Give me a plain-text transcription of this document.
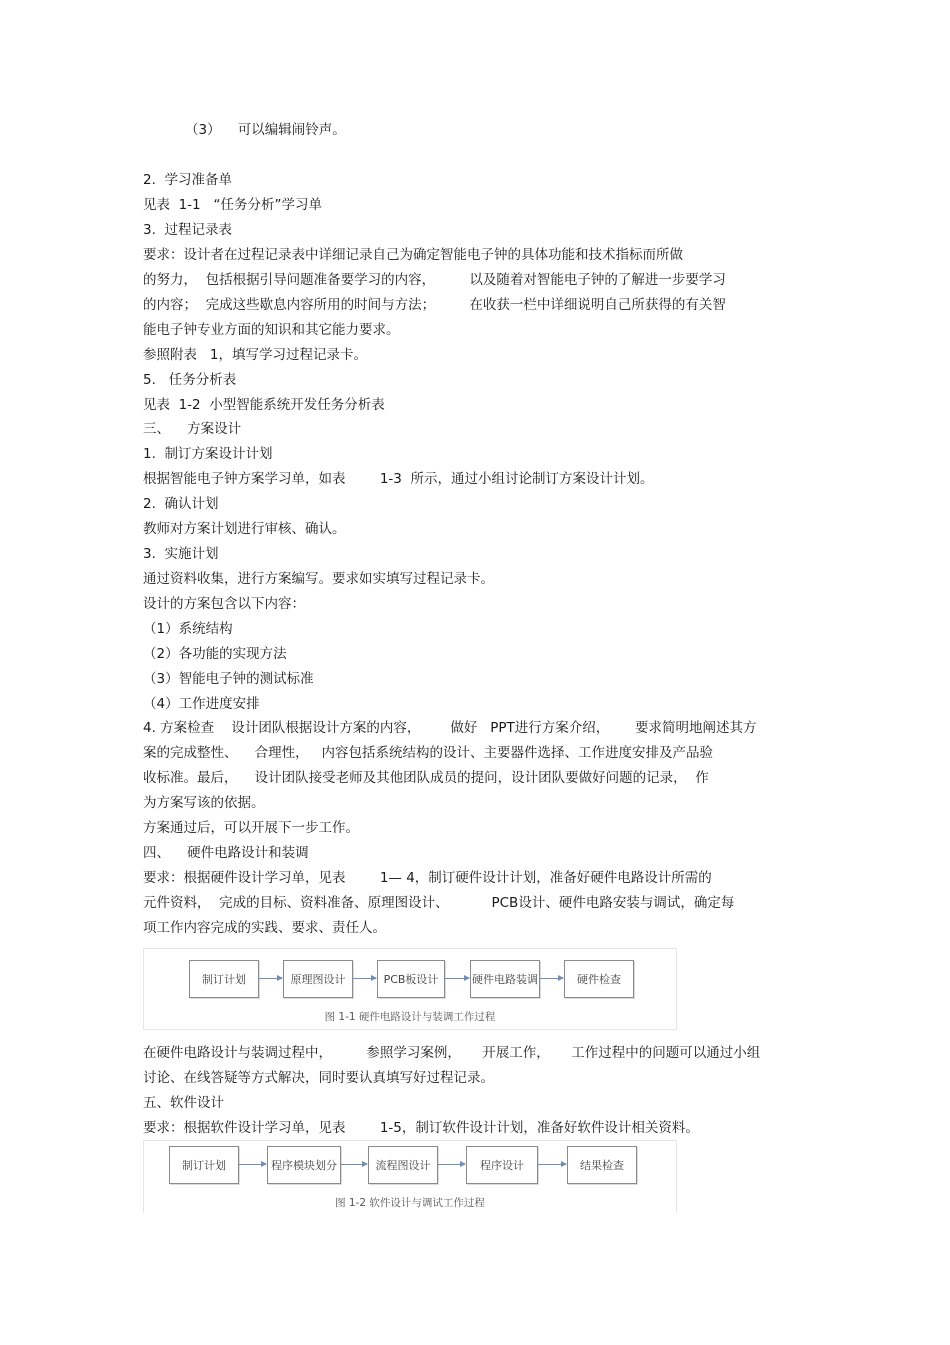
（3）    可以编辑闹铃声。
2.  学习准备单
见表  1-1   “任务分析”学习单
3.  过程记录表
要求：设计者在过程记录表中详细记录自己为确定智能电子钟的具体功能和技术指标而所做
的努力，  包括根据引导问题准备要学习的内容，        以及随着对智能电子钟的了解进一步要学习
的内容；  完成这些歇息内容所用的时间与方法；        在收获一栏中详细说明自己所获得的有关智
能电子钟专业方面的知识和其它能力要求。
参照附表   1，填写学习过程记录卡。
5.   任务分析表
见表  1-2  小型智能系统开发任务分析表
三、    方案设计
1.  制订方案设计计划
根据智能电子钟方案学习单，如表        1-3  所示，通过小组讨论制订方案设计计划。
2.  确认计划
教师对方案计划进行审核、确认。
3.  实施计划
通过资料收集，进行方案编写。要求如实填写过程记录卡。
设计的方案包含以下内容：
（1）系统结构
（2）各功能的实现方法
（3）智能电子钟的测试标准
（4）工作进度安排
4. 方案检查    设计团队根据设计方案的内容，       做好   PPT进行方案介绍，      要求简明地阐述其方
案的完成整性、    合理性，   内容包括系统结构的设计、主要器件选择、工作进度安排及产品验
收标准。最后，    设计团队接受老师及其他团队成员的提问，设计团队要做好问题的记录，  作
为方案写该的依据。
方案通过后，可以开展下一步工作。
四、    硬件电路设计和装调
要求：根据硬件设计学习单，见表        1— 4，制订硬件设计计划，准备好硬件电路设计所需的
元件资料，  完成的目标、资料准备、原理图设计、          PCB设计、硬件电路安装与调试，确定每
项工作内容完成的实践、要求、责任人。
制订计划	原理图设计	PCB板设计	硬件电路装调	硬件检查
图 1-1 硬件电路设计与装调工作过程
在硬件电路设计与装调过程中，        参照学习案例，     开展工作，     工作过程中的问题可以通过小组
讨论、在线答疑等方式解决，同时要认真填写好过程记录。
五、软件设计
要求：根据软件设计学习单，见表        1-5，制订软件设计计划，准备好软件设计相关资料。
制订计划	程序模块划分	流程图设计	程序设计	结果检查
图 1-2 软件设计与调试工作过程
